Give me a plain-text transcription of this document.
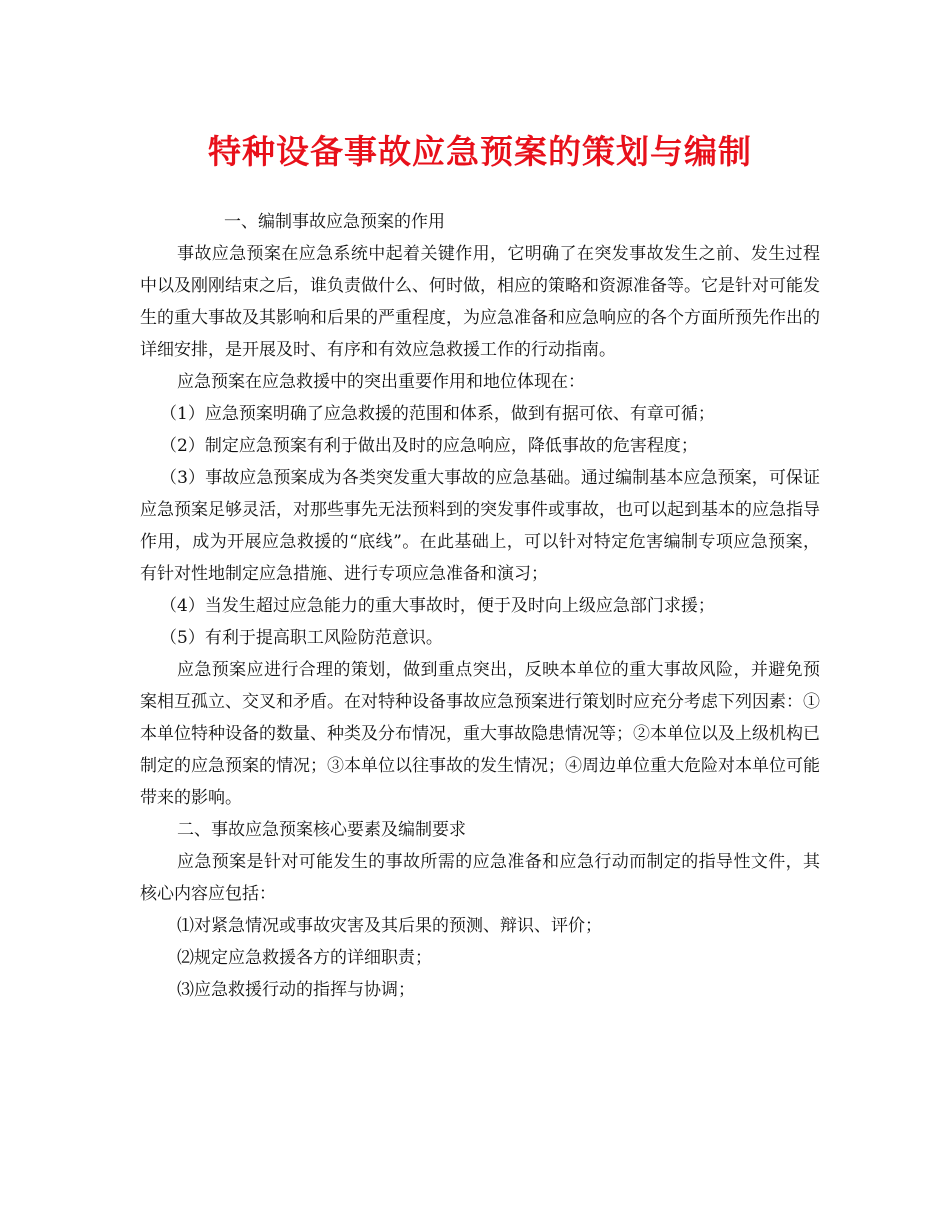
特种设备事故应急预案的策划与编制

一、编制事故应急预案的作用

事故应急预案在应急系统中起着关键作用，它明确了在突发事故发生之前、发生过程中以及刚刚结束之后，谁负责做什么、何时做，相应的策略和资源准备等。它是针对可能发生的重大事故及其影响和后果的严重程度，为应急准备和应急响应的各个方面所预先作出的详细安排，是开展及时、有序和有效应急救援工作的行动指南。

应急预案在应急救援中的突出重要作用和地位体现在：

（1）应急预案明确了应急救援的范围和体系，做到有据可依、有章可循；

（2）制定应急预案有利于做出及时的应急响应，降低事故的危害程度；

（3）事故应急预案成为各类突发重大事故的应急基础。通过编制基本应急预案，可保证应急预案足够灵活，对那些事先无法预料到的突发事件或事故，也可以起到基本的应急指导作用，成为开展应急救援的“底线”。在此基础上，可以针对特定危害编制专项应急预案，有针对性地制定应急措施、进行专项应急准备和演习；

（4）当发生超过应急能力的重大事故时，便于及时向上级应急部门求援；

（5）有利于提高职工风险防范意识。

应急预案应进行合理的策划，做到重点突出，反映本单位的重大事故风险，并避免预案相互孤立、交叉和矛盾。在对特种设备事故应急预案进行策划时应充分考虑下列因素：①本单位特种设备的数量、种类及分布情况，重大事故隐患情况等；②本单位以及上级机构已制定的应急预案的情况；③本单位以往事故的发生情况；④周边单位重大危险对本单位可能带来的影响。

二、事故应急预案核心要素及编制要求

应急预案是针对可能发生的事故所需的应急准备和应急行动而制定的指导性文件，其核心内容应包括：

⑴对紧急情况或事故灾害及其后果的预测、辩识、评价；

⑵规定应急救援各方的详细职责；

⑶应急救援行动的指挥与协调；
